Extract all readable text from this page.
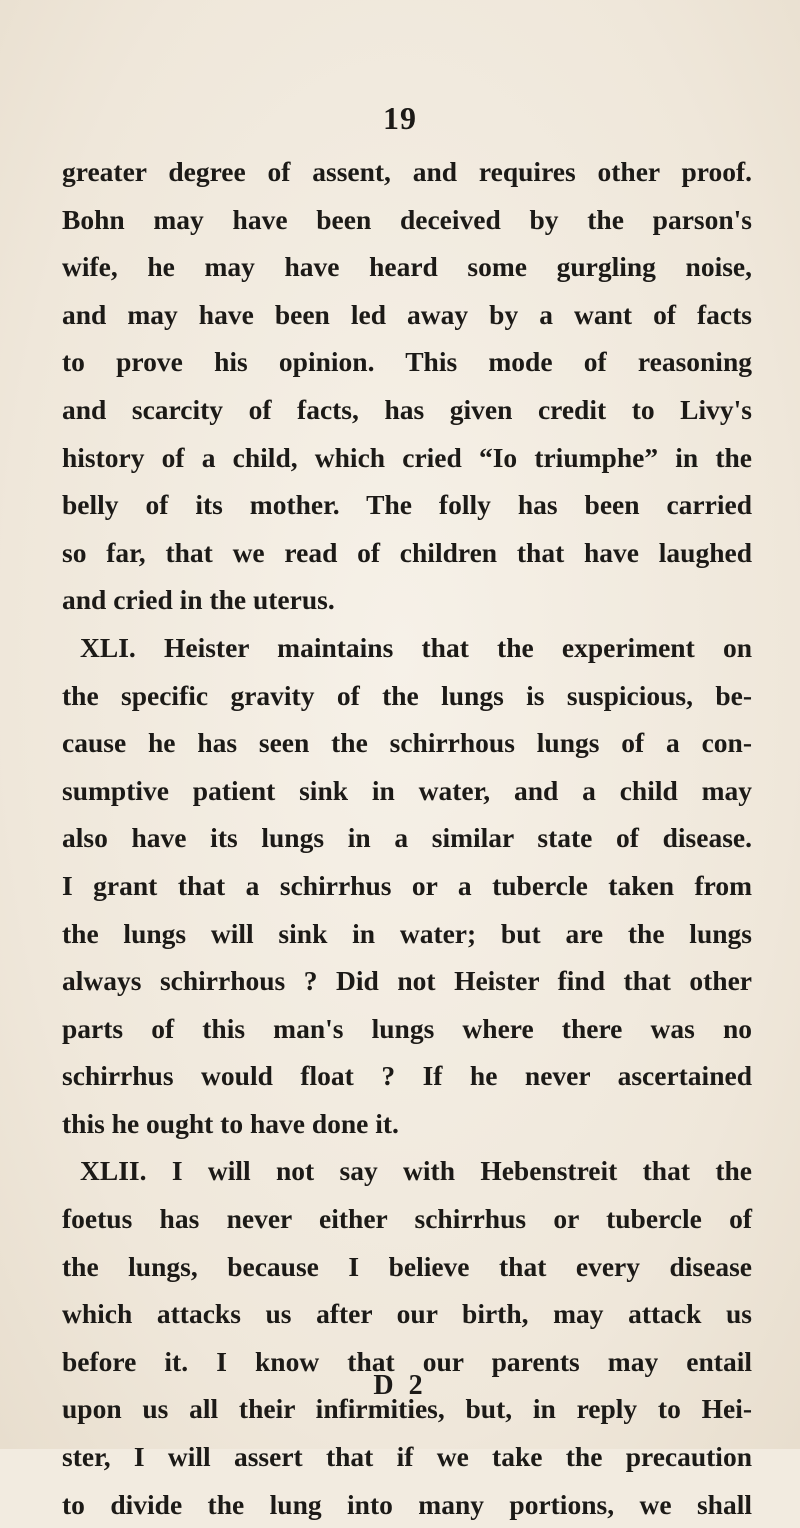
19
greater degree of assent, and requires other proof.
Bohn may have been deceived by the parson's
wife, he may have heard some gurgling noise,
and may have been led away by a want of facts
to prove his opinion. This mode of reasoning
and scarcity of facts, has given credit to Livy's
history of a child, which cried “Io triumphe” in the
belly of its mother. The folly has been carried
so far, that we read of children that have laughed
and cried in the uterus.
XLI. Heister maintains that the experiment on
the specific gravity of the lungs is suspicious, be-
cause he has seen the schirrhous lungs of a con-
sumptive patient sink in water, and a child may
also have its lungs in a similar state of disease.
I grant that a schirrhus or a tubercle taken from
the lungs will sink in water; but are the lungs
always schirrhous ? Did not Heister find that other
parts of this man's lungs where there was no
schirrhus would float ? If he never ascertained
this he ought to have done it.
XLII. I will not say with Hebenstreit that the
foetus has never either schirrhus or tubercle of
the lungs, because I believe that every disease
which attacks us after our birth, may attack us
before it. I know that our parents may entail
upon us all their infirmities, but, in reply to Hei-
ster, I will assert that if we take the precaution
to divide the lung into many portions, we shall
D 2
